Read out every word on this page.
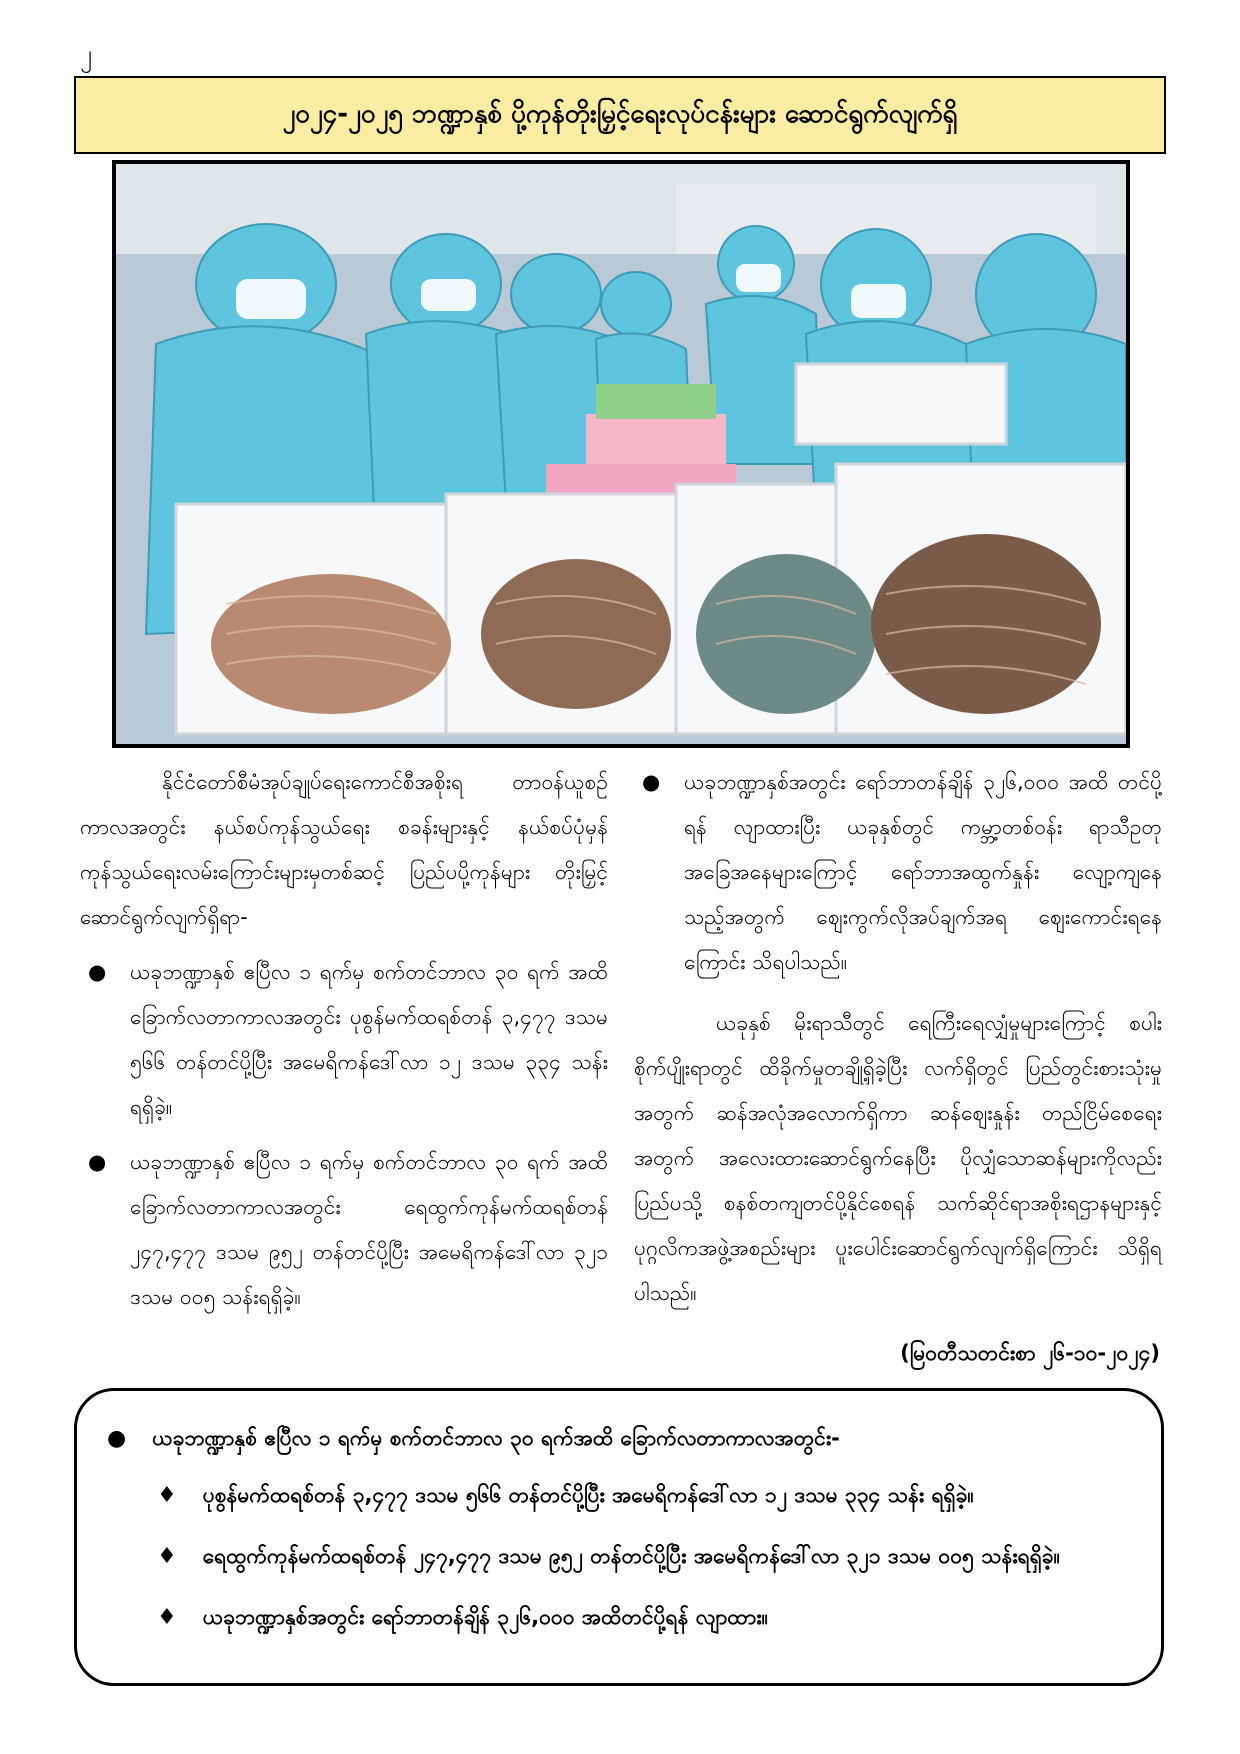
၂
၂၀၂၄-၂၀၂၅ ဘဏ္ဍာနှစ် ပို့ကုန်တိုးမြှင့်ရေးလုပ်ငန်းများ ဆောင်ရွက်လျက်ရှိ

နိုင်ငံတော်စီမံအုပ်ချုပ်ရေးကောင်စီအစိုးရ တာဝန်ယူစဉ်ကာလအတွင်း နယ်စပ်ကုန်သွယ်ရေး စခန်းများနှင့် နယ်စပ်ပုံမှန်ကုန်သွယ်ရေးလမ်းကြောင်းများမှတစ်ဆင့် ပြည်ပပို့ကုန်များ တိုးမြှင့်ဆောင်ရွက်လျက်ရှိရာ-

● ယခုဘဏ္ဍာနှစ် ဧပြီလ ၁ ရက်မှ စက်တင်ဘာလ ၃၀ ရက် အထိ ခြောက်လတာကာလအတွင်း ပုစွန်မက်ထရစ်တန် ၃,၄၇၇ ဒသမ ၅၆၆ တန်တင်ပို့ပြီး အမေရိကန်ဒေါ်လာ ၁၂ ဒသမ ၃၃၄ သန်း ရရှိခဲ့။
● ယခုဘဏ္ဍာနှစ် ဧပြီလ ၁ ရက်မှ စက်တင်ဘာလ ၃၀ ရက် အထိ ခြောက်လတာကာလအတွင်း ရေထွက်ကုန်မက်ထရစ်တန် ၂၄၇,၄၇၇ ဒသမ ၉၅၂ တန်တင်ပို့ပြီး အမေရိကန်ဒေါ်လာ ၃၂၁ ဒသမ ၀၀၅ သန်းရရှိခဲ့။
● ယခုဘဏ္ဍာနှစ်အတွင်း ရော်ဘာတန်ချိန် ၃၂၆,၀၀၀ အထိ တင်ပို့ရန် လျာထားပြီး ယခုနှစ်တွင် ကမ္ဘာ့တစ်ဝန်း ရာသီဥတုအခြေအနေများကြောင့် ရော်ဘာအထွက်နှုန်း လျော့ကျနေသည့်အတွက် ဈေးကွက်လိုအပ်ချက်အရ ဈေးကောင်းရနေကြောင်း သိရပါသည်။

ယခုနှစ် မိုးရာသီတွင် ရေကြီးရေလျှံမှုများကြောင့် စပါးစိုက်ပျိုးရာတွင် ထိခိုက်မှုတချို့ရှိခဲ့ပြီး လက်ရှိတွင် ပြည်တွင်းစားသုံးမှုအတွက် ဆန်အလုံအလောက်ရှိကာ ဆန်ဈေးနှုန်း တည်ငြိမ်စေရေးအတွက် အလေးထားဆောင်ရွက်နေပြီး ပိုလျှံသောဆန်များကိုလည်း ပြည်ပသို့ စနစ်တကျတင်ပို့နိုင်စေရန် သက်ဆိုင်ရာအစိုးရဌာနများနှင့် ပုဂ္ဂလိကအဖွဲ့အစည်းများ ပူးပေါင်းဆောင်ရွက်လျက်ရှိကြောင်း သိရှိရပါသည်။

(မြဝတီသတင်းစာ ၂၆-၁၀-၂၀၂၄)
● ယခုဘဏ္ဍာနှစ် ဧပြီလ ၁ ရက်မှ စက်တင်ဘာလ ၃၀ ရက်အထိ ခြောက်လတာကာလအတွင်း-
♦ ပုစွန်မက်ထရစ်တန် ၃,၄၇၇ ဒသမ ၅၆၆ တန်တင်ပို့ပြီး အမေရိကန်ဒေါ်လာ ၁၂ ဒသမ ၃၃၄ သန်း ရရှိခဲ့။
♦ ရေထွက်ကုန်မက်ထရစ်တန် ၂၄၇,၄၇၇ ဒသမ ၉၅၂ တန်တင်ပို့ပြီး အမေရိကန်ဒေါ်လာ ၃၂၁ ဒသမ ၀၀၅ သန်းရရှိခဲ့။
♦ ယခုဘဏ္ဍာနှစ်အတွင်း ရော်ဘာတန်ချိန် ၃၂၆,၀၀၀ အထိတင်ပို့ရန် လျာထား။
